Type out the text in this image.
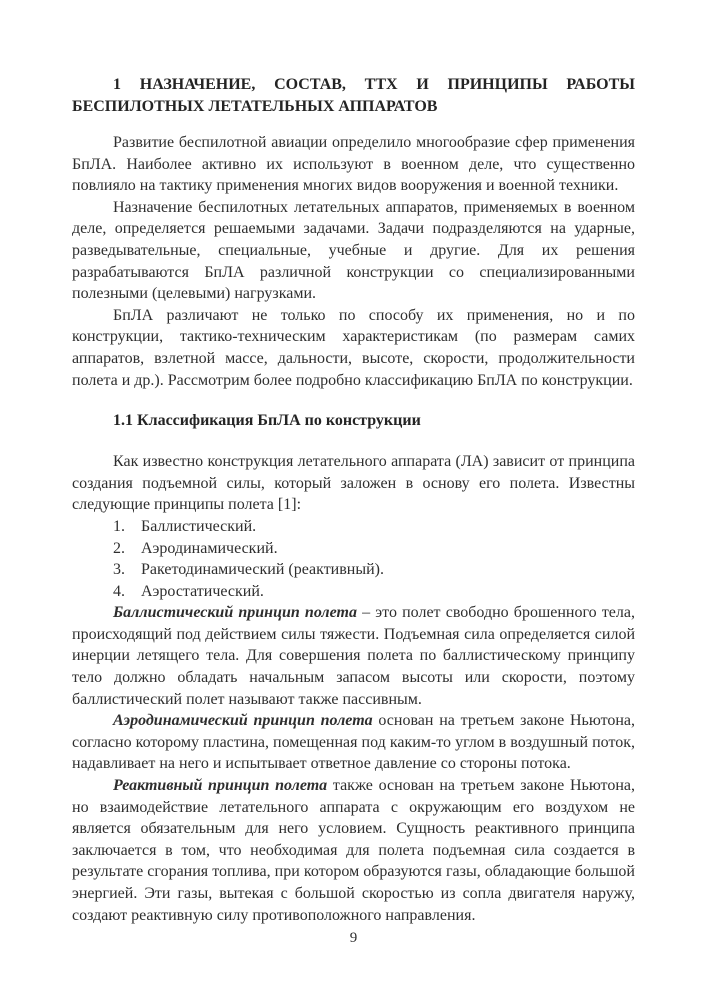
1 НАЗНАЧЕНИЕ, СОСТАВ, ТТХ И ПРИНЦИПЫ РАБОТЫ
БЕСПИЛОТНЫХ ЛЕТАТЕЛЬНЫХ АППАРАТОВ

Развитие беспилотной авиации определило многообразие сфер применения БпЛА. Наиболее активно их используют в военном деле, что существенно повлияло на тактику применения многих видов вооружения и военной техники.

Назначение беспилотных летательных аппаратов, применяемых в военном деле, определяется решаемыми задачами. Задачи подразделяются на ударные, разведывательные, специальные, учебные и другие. Для их решения разрабатываются БпЛА различной конструкции со специализированными полезными (целевыми) нагрузками.

БпЛА различают не только по способу их применения, но и по конструкции, тактико-техническим характеристикам (по размерам самих аппаратов, взлетной массе, дальности, высоте, скорости, продолжительности полета и др.). Рассмотрим более подробно классификацию БпЛА по конструкции.

1.1 Классификация БпЛА по конструкции

Как известно конструкция летательного аппарата (ЛА) зависит от принципа создания подъемной силы, который заложен в основу его полета. Известны следующие принципы полета [1]:

1. Баллистический.
2. Аэродинамический.
3. Ракетодинамический (реактивный).
4. Аэростатический.

Баллистический принцип полета – это полет свободно брошенного тела, происходящий под действием силы тяжести. Подъемная сила определяется силой инерции летящего тела. Для совершения полета по баллистическому принципу тело должно обладать начальным запасом высоты или скорости, поэтому баллистический полет называют также пассивным.

Аэродинамический принцип полета основан на третьем законе Ньютона, согласно которому пластина, помещенная под каким-то углом в воздушный поток, надавливает на него и испытывает ответное давление со стороны потока.

Реактивный принцип полета также основан на третьем законе Ньютона, но взаимодействие летательного аппарата с окружающим его воздухом не является обязательным для него условием. Сущность реактивного принципа заключается в том, что необходимая для полета подъемная сила создается в результате сгорания топлива, при котором образуются газы, обладающие большой энергией. Эти газы, вытекая с большой скоростью из сопла двигателя наружу, создают реактивную силу противоположного направления.

9
